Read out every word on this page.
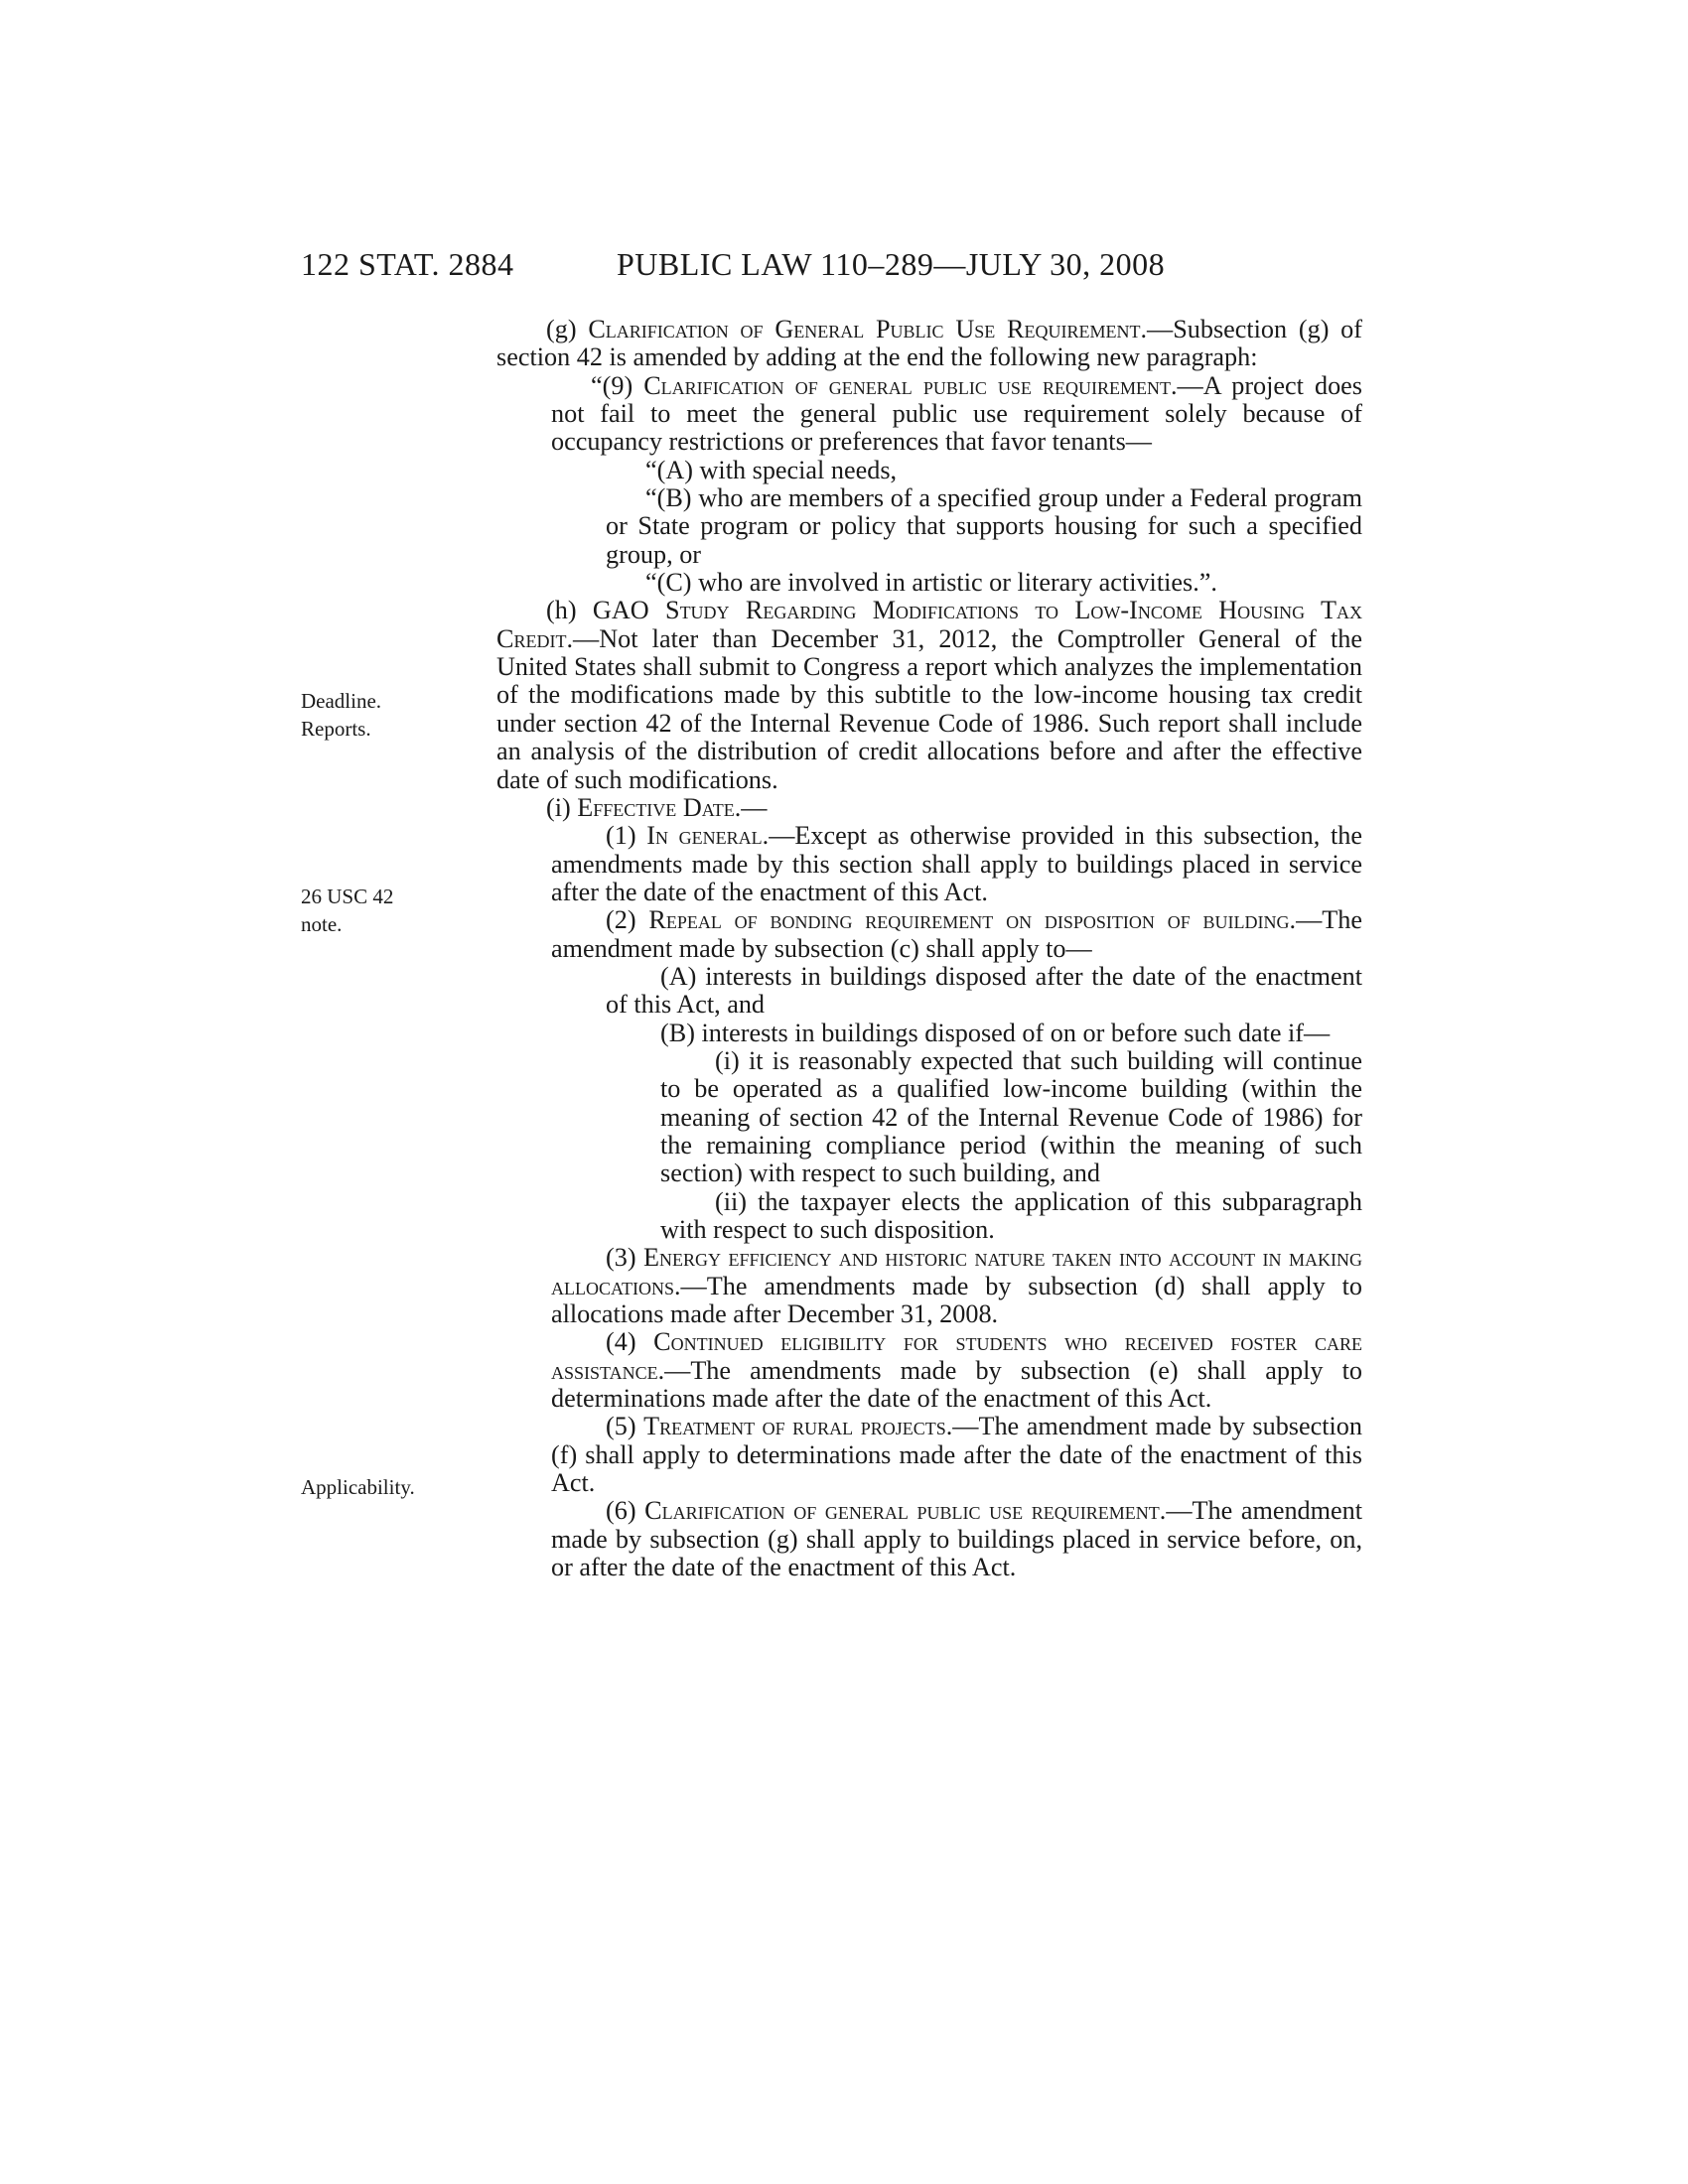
122 STAT. 2884	PUBLIC LAW 110–289—JULY 30, 2008
Deadline.
Reports.
26 USC 42
note.
Applicability.

(g) Clarification of General Public Use Requirement.—Subsection (g) of section 42 is amended by adding at the end the following new paragraph:

“(9) Clarification of general public use requirement.—A project does not fail to meet the general public use requirement solely because of occupancy restrictions or preferences that favor tenants—

“(A) with special needs,

“(B) who are members of a specified group under a Federal program or State program or policy that supports housing for such a specified group, or

“(C) who are involved in artistic or literary activities.”.

(h) GAO Study Regarding Modifications to Low-Income Housing Tax Credit.—Not later than December 31, 2012, the Comptroller General of the United States shall submit to Congress a report which analyzes the implementation of the modifications made by this subtitle to the low-income housing tax credit under section 42 of the Internal Revenue Code of 1986. Such report shall include an analysis of the distribution of credit allocations before and after the effective date of such modifications.

(i) Effective Date.—

(1) In general.—Except as otherwise provided in this subsection, the amendments made by this section shall apply to buildings placed in service after the date of the enactment of this Act.

(2) Repeal of bonding requirement on disposition of building.—The amendment made by subsection (c) shall apply to—

(A) interests in buildings disposed after the date of the enactment of this Act, and

(B) interests in buildings disposed of on or before such date if—

(i) it is reasonably expected that such building will continue to be operated as a qualified low-income building (within the meaning of section 42 of the Internal Revenue Code of 1986) for the remaining compliance period (within the meaning of such section) with respect to such building, and

(ii) the taxpayer elects the application of this subparagraph with respect to such disposition.

(3) Energy efficiency and historic nature taken into account in making allocations.—The amendments made by subsection (d) shall apply to allocations made after December 31, 2008.

(4) Continued eligibility for students who received foster care assistance.—The amendments made by subsection (e) shall apply to determinations made after the date of the enactment of this Act.

(5) Treatment of rural projects.—The amendment made by subsection (f) shall apply to determinations made after the date of the enactment of this Act.

(6) Clarification of general public use requirement.—The amendment made by subsection (g) shall apply to buildings placed in service before, on, or after the date of the enactment of this Act.
